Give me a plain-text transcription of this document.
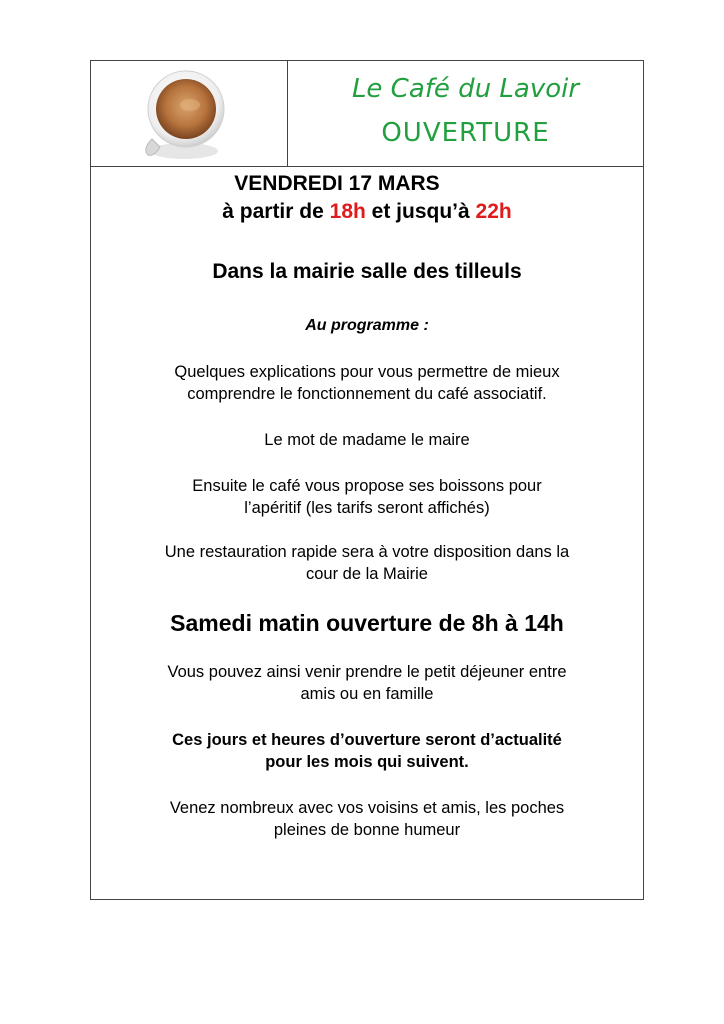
Le Café du Lavoir
OUVERTURE
VENDREDI 17 MARS
à partir de 18h et jusqu’à 22h
Dans la mairie salle des tilleuls
Au programme :
Quelques explications pour vous permettre de mieux
comprendre le fonctionnement du café associatif.
Le mot de madame le maire
Ensuite le café vous propose ses boissons pour
l’apéritif (les tarifs seront affichés)
Une restauration rapide sera à votre disposition dans la
cour de la Mairie
Samedi matin ouverture de 8h à 14h
Vous pouvez ainsi venir prendre le petit déjeuner entre
amis ou en famille
Ces jours et heures d’ouverture seront d’actualité
pour les mois qui suivent.
Venez nombreux avec vos voisins et amis, les poches
pleines de bonne humeur
